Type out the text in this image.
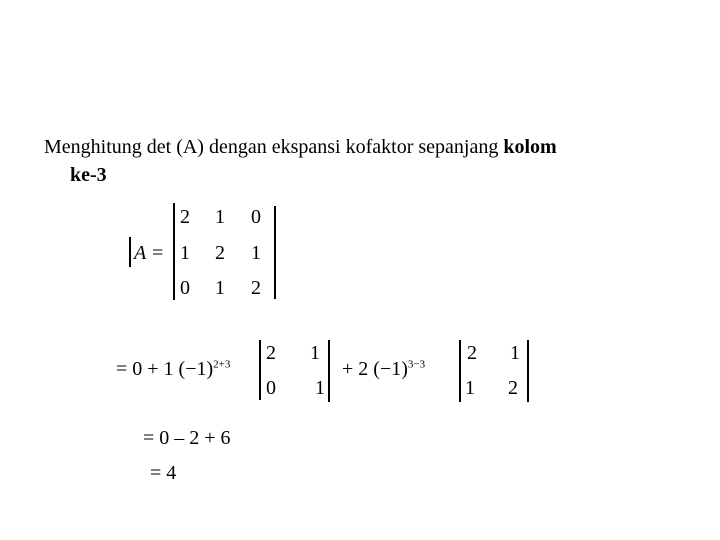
Menghitung det (A) dengan ekspansi kofaktor sepanjang kolom
ke-3
A =
2 1 0
1 2 1
0 1 2
= 0 + 1 $(-1)^{2+3}$
2 1
0 1
+ 2 $(-1)^{3-3}$
2 1
1 2
= 0 – 2 + 6
= 4
